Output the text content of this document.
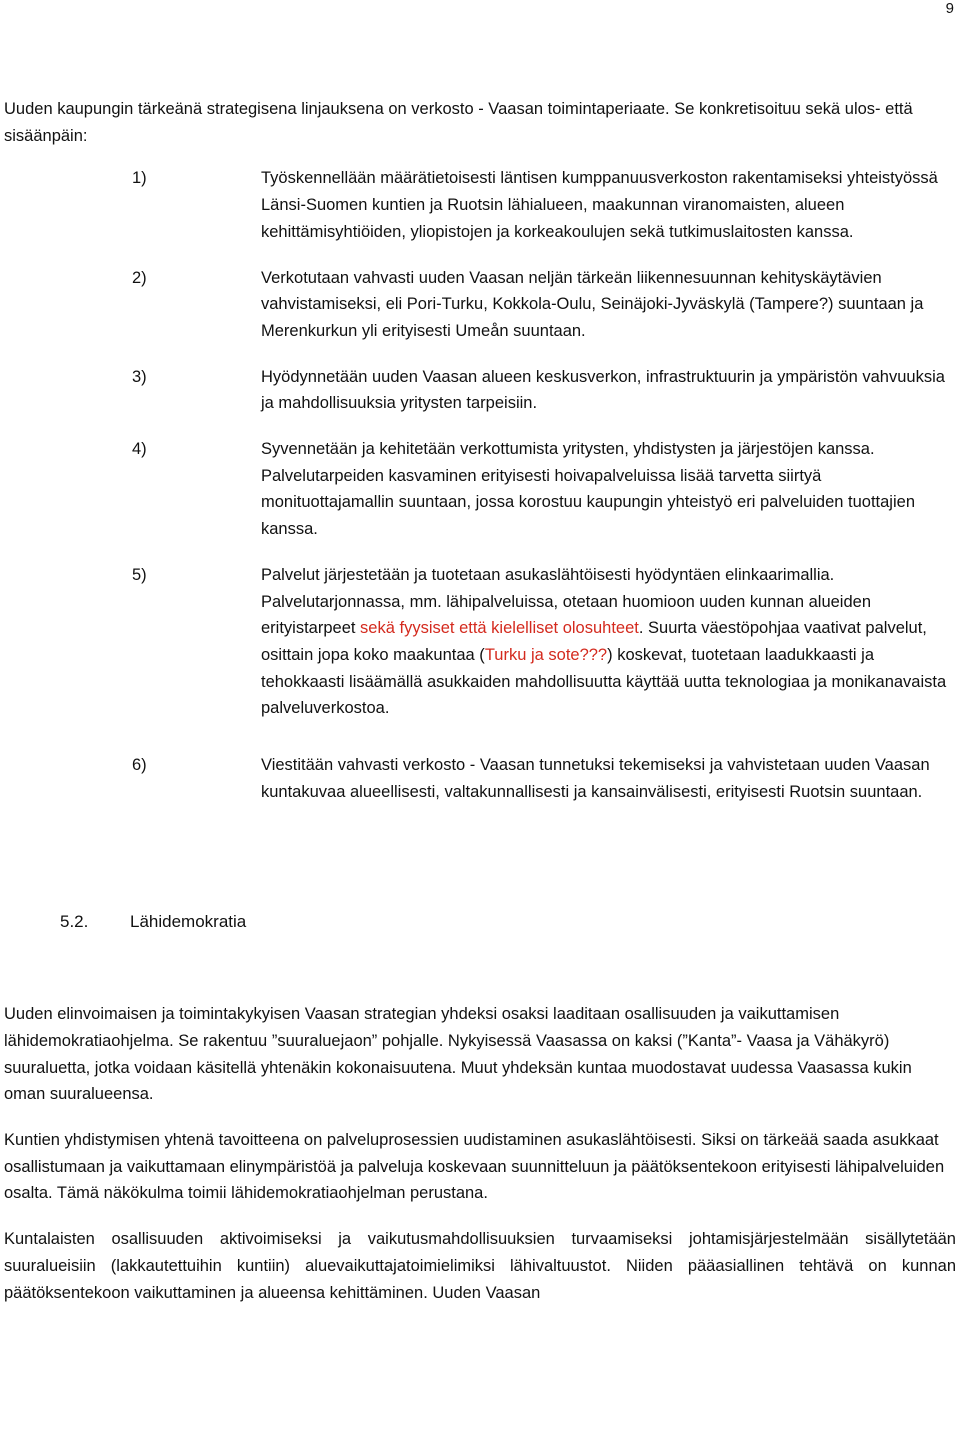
9

Uuden kaupungin tärkeänä strategisena linjauksena on verkosto - Vaasan toimintaperiaate. Se konkretisoituu sekä ulos- että sisäänpäin:

1)	Työskennellään määrätietoisesti läntisen kumppanuusverkoston rakentamiseksi yhteistyössä Länsi-Suomen kuntien ja Ruotsin lähialueen, maakunnan viranomaisten, alueen kehittämisyhtiöiden, yliopistojen ja korkeakoulujen sekä tutkimuslaitosten kanssa.
2)	Verkotutaan vahvasti uuden Vaasan neljän tärkeän liikennesuunnan kehityskäytävien vahvistamiseksi, eli Pori-Turku, Kokkola-Oulu, Seinäjoki-Jyväskylä (Tampere?) suuntaan ja Merenkurkun yli erityisesti Umeån suuntaan.
3)	Hyödynnetään uuden Vaasan alueen keskusverkon, infrastruktuurin ja ympäristön vahvuuksia ja mahdollisuuksia yritysten tarpeisiin.
4)	Syvennetään ja kehitetään verkottumista yritysten, yhdistysten ja järjestöjen kanssa. Palvelutarpeiden kasvaminen erityisesti hoivapalveluissa lisää tarvetta siirtyä monituottajamallin suuntaan, jossa korostuu kaupungin yhteistyö eri palveluiden tuottajien kanssa.
5)	Palvelut järjestetään ja tuotetaan asukaslähtöisesti hyödyntäen elinkaarimallia. Palvelutarjonnassa, mm. lähipalveluissa, otetaan huomioon uuden kunnan alueiden erityistarpeet sekä fyysiset että kielelliset olosuhteet. Suurta väestöpohjaa vaativat palvelut, osittain jopa koko maakuntaa (Turku ja sote???) koskevat, tuotetaan laadukkaasti ja tehokkaasti lisäämällä asukkaiden mahdollisuutta käyttää uutta teknologiaa ja monikanavaista palveluverkostoa.
6)	Viestitään vahvasti verkosto - Vaasan tunnetuksi tekemiseksi ja vahvistetaan uuden Vaasan kuntakuvaa alueellisesti, valtakunnallisesti ja kansainvälisesti, erityisesti Ruotsin suuntaan.
5.2.	Lähidemokratia

Uuden elinvoimaisen ja toimintakykyisen Vaasan strategian yhdeksi osaksi laaditaan osallisuuden ja vaikuttamisen lähidemokratiaohjelma. Se rakentuu ”suuraluejaon” pohjalle. Nykyisessä Vaasassa on kaksi (”Kanta”- Vaasa ja Vähäkyrö) suuraluetta, jotka voidaan käsitellä yhtenäkin kokonaisuutena. Muut yhdeksän kuntaa muodostavat uudessa Vaasassa kukin oman suuralueensa.

Kuntien yhdistymisen yhtenä tavoitteena on palveluprosessien uudistaminen asukaslähtöisesti. Siksi on tärkeää saada asukkaat osallistumaan ja vaikuttamaan elinympäristöä ja palveluja koskevaan suunnitteluun ja päätöksentekoon erityisesti lähipalveluiden osalta. Tämä näkökulma toimii lähidemokratiaohjelman perustana.

Kuntalaisten osallisuuden aktivoimiseksi ja vaikutusmahdollisuuksien turvaamiseksi johtamisjärjestelmään sisällytetään suuralueisiin (lakkautettuihin kuntiin) aluevaikuttajatoimielimiksi lähivaltuustot. Niiden pääasiallinen tehtävä on kunnan päätöksentekoon vaikuttaminen ja alueensa kehittäminen. Uuden Vaasan
